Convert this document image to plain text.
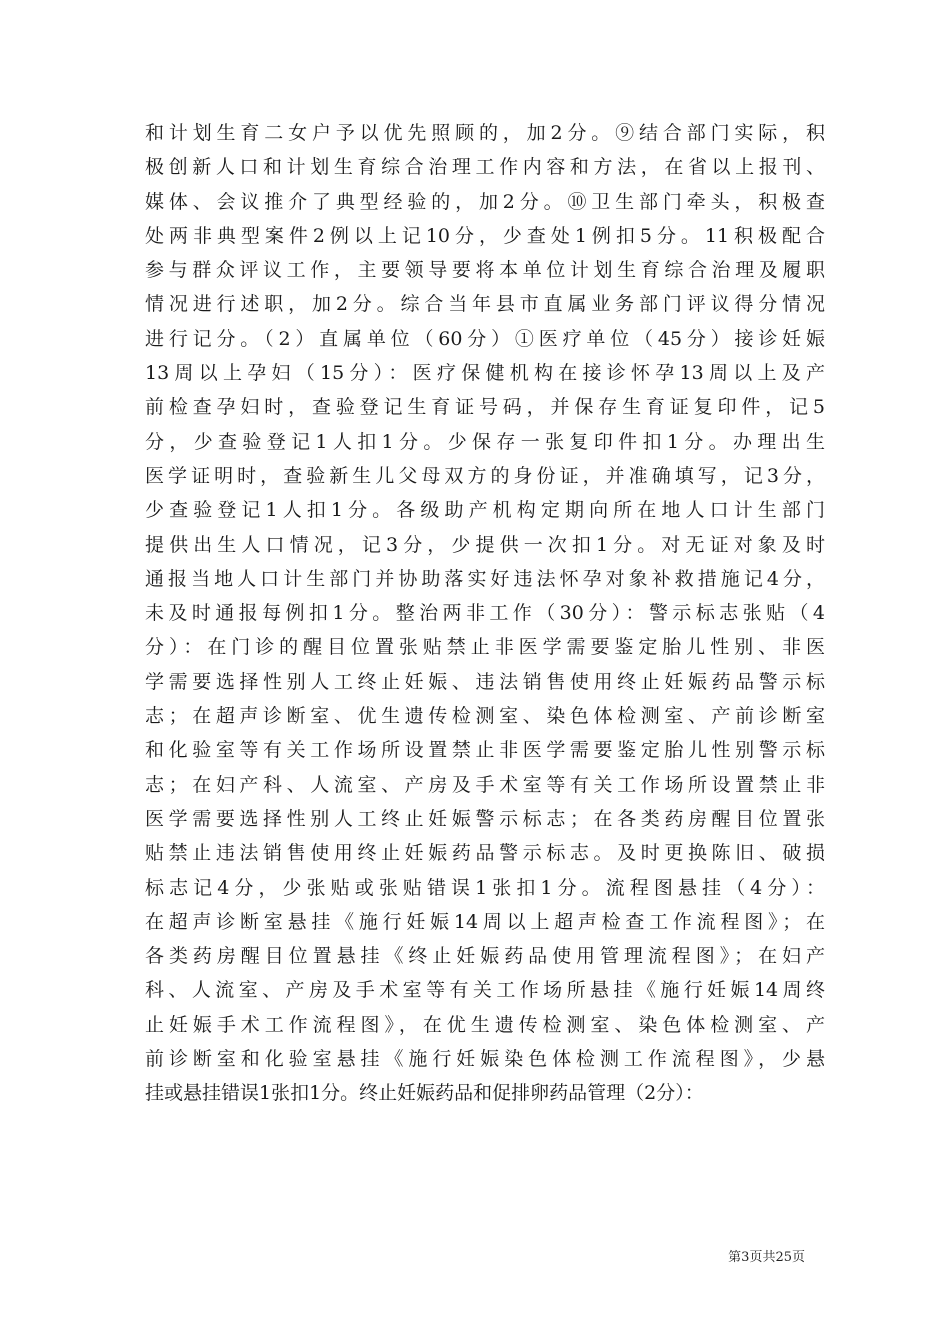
和计划生育二女户予以优先照顾的，加2分。⑨结合部门实际，积
极创新人口和计划生育综合治理工作内容和方法，在省以上报刊、
媒体、会议推介了典型经验的，加2分。⑩卫生部门牵头，积极查
处两非典型案件2例以上记10分，少查处1例扣5分。11积极配合
参与群众评议工作，主要领导要将本单位计划生育综合治理及履职
情况进行述职，加2分。综合当年县市直属业务部门评议得分情况
进行记分。（2）直属单位（60分）①医疗单位（45分）接诊妊娠
13周以上孕妇（15分）：医疗保健机构在接诊怀孕13周以上及产
前检查孕妇时，查验登记生育证号码，并保存生育证复印件，记5
分，少查验登记1人扣1分。少保存一张复印件扣1分。办理出生
医学证明时，查验新生儿父母双方的身份证，并准确填写，记3分，
少查验登记1人扣1分。各级助产机构定期向所在地人口计生部门
提供出生人口情况，记3分，少提供一次扣1分。对无证对象及时
通报当地人口计生部门并协助落实好违法怀孕对象补救措施记4分，
未及时通报每例扣1分。整治两非工作（30分）：警示标志张贴（4
分）：在门诊的醒目位置张贴禁止非医学需要鉴定胎儿性别、非医
学需要选择性别人工终止妊娠、违法销售使用终止妊娠药品警示标
志；在超声诊断室、优生遗传检测室、染色体检测室、产前诊断室
和化验室等有关工作场所设置禁止非医学需要鉴定胎儿性别警示标
志；在妇产科、人流室、产房及手术室等有关工作场所设置禁止非
医学需要选择性别人工终止妊娠警示标志；在各类药房醒目位置张
贴禁止违法销售使用终止妊娠药品警示标志。及时更换陈旧、破损
标志记4分，少张贴或张贴错误1张扣1分。流程图悬挂（4分）：
在超声诊断室悬挂《施行妊娠14周以上超声检查工作流程图》；在
各类药房醒目位置悬挂《终止妊娠药品使用管理流程图》；在妇产
科、人流室、产房及手术室等有关工作场所悬挂《施行妊娠14周终
止妊娠手术工作流程图》，在优生遗传检测室、染色体检测室、产
前诊断室和化验室悬挂《施行妊娠染色体检测工作流程图》，少悬
挂或悬挂错误1张扣1分。终止妊娠药品和促排卵药品管理（2分）：
第3页共25页
